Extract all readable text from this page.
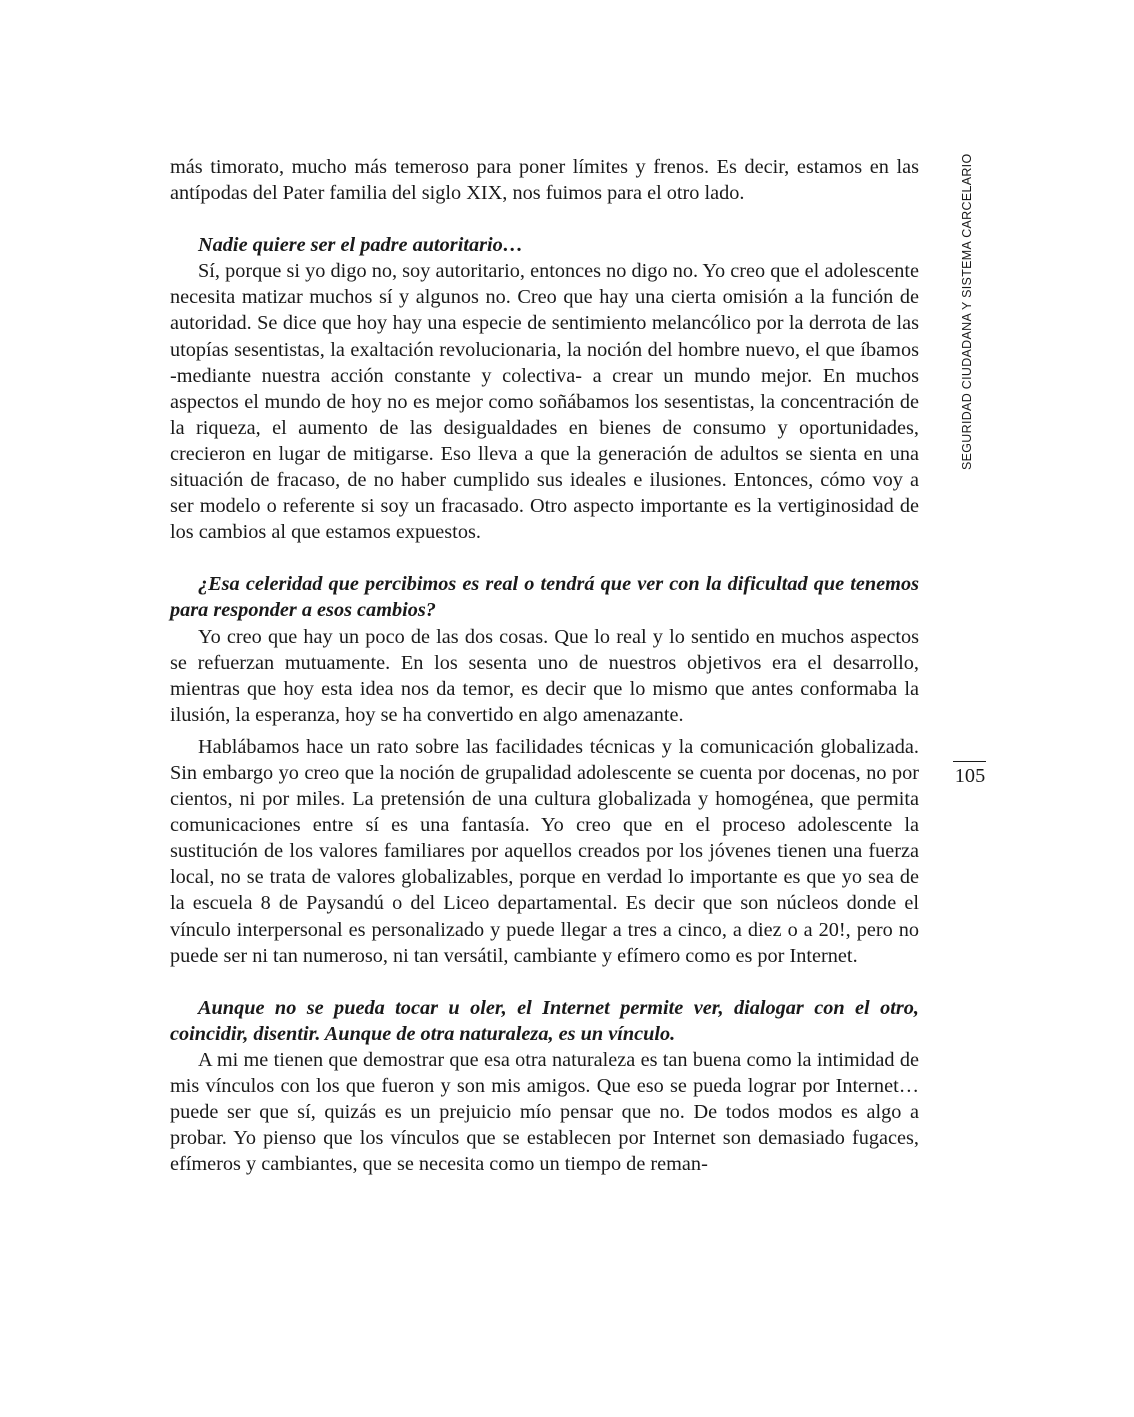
más timorato, mucho más temeroso para poner límites y frenos. Es decir, estamos en las antípodas del Pater familia del siglo XIX, nos fuimos para el otro lado.

Nadie quiere ser el padre autoritario…

Sí, porque si yo digo no, soy autoritario, entonces no digo no. Yo creo que el adolescente necesita matizar muchos sí y algunos no. Creo que hay una cierta omisión a la función de autoridad. Se dice que hoy hay una especie de sentimiento melancólico por la derrota de las utopías sesentistas, la exaltación revolucionaria, la noción del hombre nuevo, el que íbamos -mediante nuestra acción constante y colectiva- a crear un mundo mejor. En muchos aspectos el mundo de hoy no es mejor como soñábamos los sesentistas, la concentración de la riqueza, el aumento de las desigualdades en bienes de consumo y oportunidades, crecieron en lugar de mitigarse. Eso lleva a que la generación de adultos se sienta en una situación de fracaso, de no haber cumplido sus ideales e ilusiones. Entonces, cómo voy a ser modelo o referente si soy un fracasado. Otro aspecto importante es la vertiginosidad de los cambios al que estamos expuestos.

¿Esa celeridad que percibimos es real o tendrá que ver con la dificultad que tenemos para responder a esos cambios?

Yo creo que hay un poco de las dos cosas. Que lo real y lo sentido en muchos aspectos se refuerzan mutuamente. En los sesenta uno de nuestros objetivos era el desarrollo, mientras que hoy esta idea nos da temor, es decir que lo mismo que antes conformaba la ilusión, la esperanza, hoy se ha convertido en algo amenazante.

Hablábamos hace un rato sobre las facilidades técnicas y la comunicación globalizada. Sin embargo yo creo que la noción de grupalidad adolescente se cuenta por docenas, no por cientos, ni por miles. La pretensión de una cultura globalizada y homogénea, que permita comunicaciones entre sí es una fantasía. Yo creo que en el proceso adolescente la sustitución de los valores familiares por aquellos creados por los jóvenes tienen una fuerza local, no se trata de valores globalizables, porque en verdad lo importante es que yo sea de la escuela 8 de Paysandú o del Liceo departamental. Es decir que son núcleos donde el vínculo interpersonal es personalizado y puede llegar a tres a cinco, a diez o a 20!, pero no puede ser ni tan numeroso, ni tan versátil, cambiante y efímero como es por Internet.

Aunque no se pueda tocar u oler, el Internet permite ver, dialogar con el otro, coincidir, disentir. Aunque de otra naturaleza, es un vínculo.

A mi me tienen que demostrar que esa otra naturaleza es tan buena como la intimidad de mis vínculos con los que fueron y son mis amigos. Que eso se pueda lograr por Internet… puede ser que sí, quizás es un prejuicio mío pensar que no. De todos modos es algo a probar. Yo pienso que los vínculos que se establecen por Internet son demasiado fugaces, efímeros y cambiantes, que se necesita como un tiempo de reman-

SEGURIDAD CIUDADANA Y SISTEMA CARCELARIO
105
